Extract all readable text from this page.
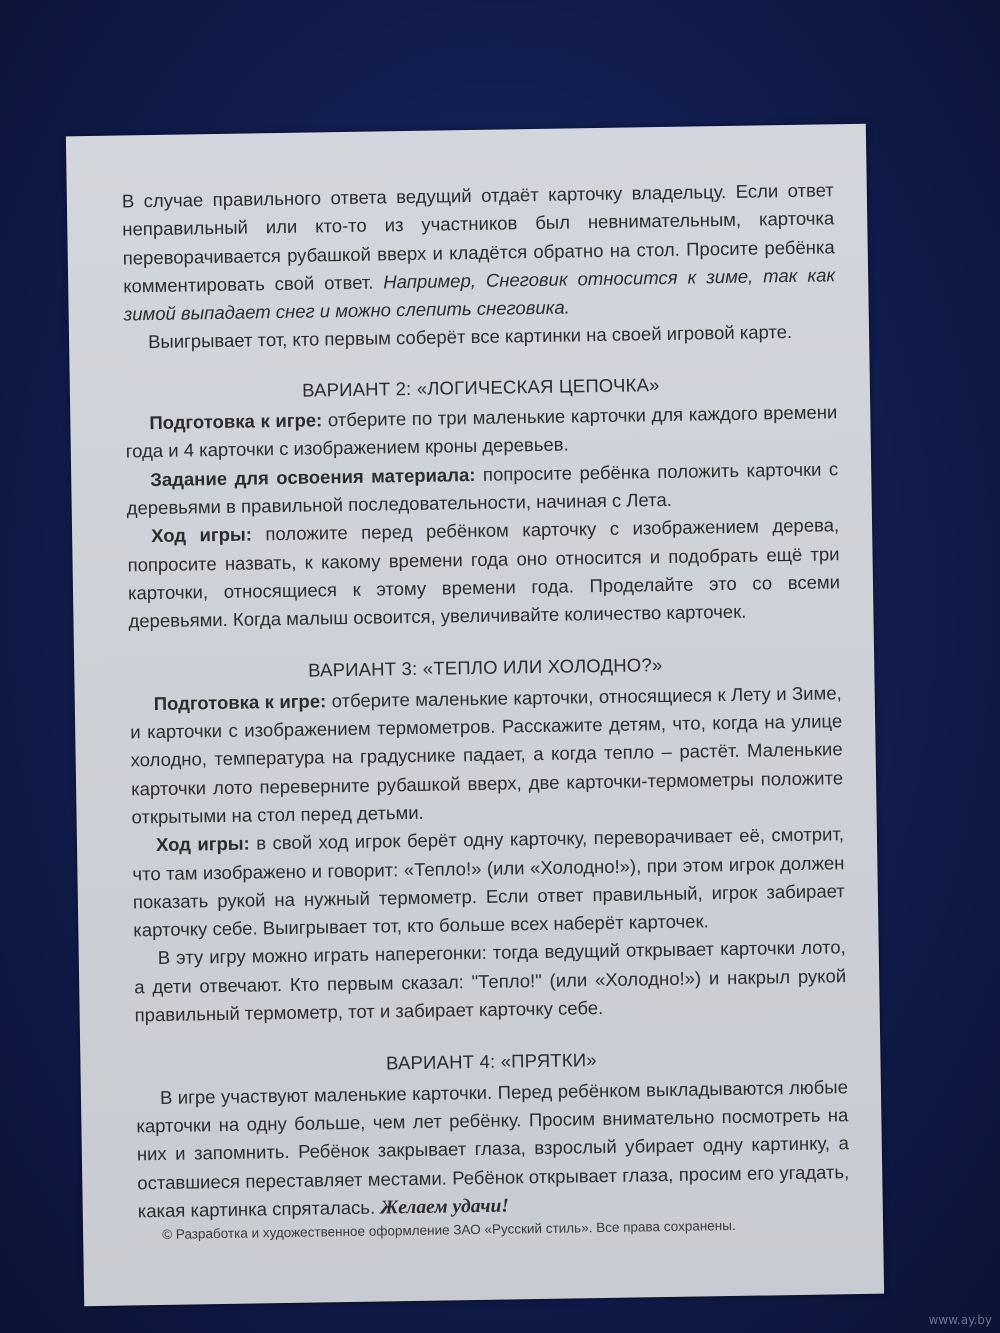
В случае правильного ответа ведущий отдаёт карточку владельцу. Если ответ неправильный или кто-то из участников был невнимательным, карточка переворачивается рубашкой вверх и кладётся обратно на стол. Просите ребёнка комментировать свой ответ. Например, Снеговик относится к зиме, так как зимой выпадает снег и можно слепить снеговика.

Выигрывает тот, кто первым соберёт все картинки на своей игровой карте.

ВАРИАНТ 2: «ЛОГИЧЕСКАЯ ЦЕПОЧКА»

Подготовка к игре: отберите по три маленькие карточки для каждого времени года и 4 карточки с изображением кроны деревьев.

Задание для освоения материала: попросите ребёнка положить карточки с деревьями в правильной последовательности, начиная с Лета.

Ход игры: положите перед ребёнком карточку с изображением дерева, попросите назвать, к какому времени года оно относится и подобрать ещё три карточки, относящиеся к этому времени года. Проделайте это со всеми деревьями. Когда малыш освоится, увеличивайте количество карточек.

ВАРИАНТ 3: «ТЕПЛО ИЛИ ХОЛОДНО?»

Подготовка к игре: отберите маленькие карточки, относящиеся к Лету и Зиме, и карточки с изображением термометров. Расскажите детям, что, когда на улице холодно, температура на градуснике падает, а когда тепло – растёт. Маленькие карточки лото переверните рубашкой вверх, две карточки-термометры положите открытыми на стол перед детьми.

Ход игры: в свой ход игрок берёт одну карточку, переворачивает её, смотрит, что там изображено и говорит: «Тепло!» (или «Холодно!»), при этом игрок должен показать рукой на нужный термометр. Если ответ правильный, игрок забирает карточку себе. Выигрывает тот, кто больше всех наберёт карточек.

В эту игру можно играть наперегонки: тогда ведущий открывает карточки лото, а дети отвечают. Кто первым сказал: "Тепло!" (или «Холодно!») и накрыл рукой правильный термометр, тот и забирает карточку себе.

ВАРИАНТ 4: «ПРЯТКИ»

В игре участвуют маленькие карточки. Перед ребёнком выкладываются любые карточки на одну больше, чем лет ребёнку. Просим внимательно посмотреть на них и запомнить. Ребёнок закрывает глаза, взрослый убирает одну картинку, а оставшиеся переставляет местами. Ребёнок открывает глаза, просим его угадать, какая картинка спряталась. Желаем удачи!

© Разработка и художественное оформление ЗАО «Русский стиль». Все права сохранены.

www.ay.by
